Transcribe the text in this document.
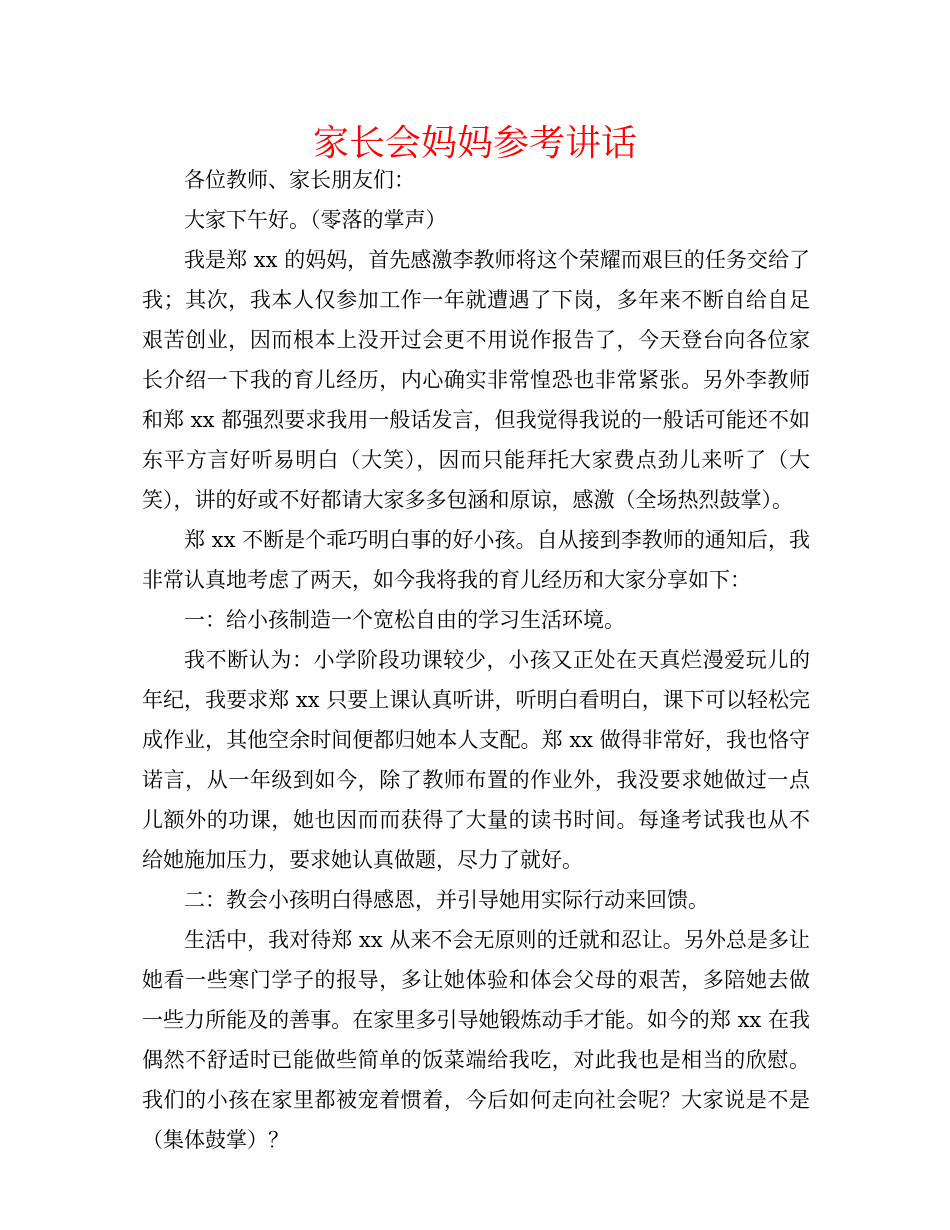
家长会妈妈参考讲话

各位教师、家长朋友们：

大家下午好。（零落的掌声）

我是郑 xx 的妈妈，首先感激李教师将这个荣耀而艰巨的任务交给了我；其次，我本人仅参加工作一年就遭遇了下岗，多年来不断自给自足艰苦创业，因而根本上没开过会更不用说作报告了，今天登台向各位家长介绍一下我的育儿经历，内心确实非常惶恐也非常紧张。另外李教师和郑 xx 都强烈要求我用一般话发言，但我觉得我说的一般话可能还不如东平方言好听易明白（大笑），因而只能拜托大家费点劲儿来听了（大笑），讲的好或不好都请大家多多包涵和原谅，感激（全场热烈鼓掌）。

郑 xx 不断是个乖巧明白事的好小孩。自从接到李教师的通知后，我非常认真地考虑了两天，如今我将我的育儿经历和大家分享如下：

一：给小孩制造一个宽松自由的学习生活环境。

我不断认为：小学阶段功课较少，小孩又正处在天真烂漫爱玩儿的年纪，我要求郑 xx 只要上课认真听讲，听明白看明白，课下可以轻松完成作业，其他空余时间便都归她本人支配。郑 xx 做得非常好，我也恪守诺言，从一年级到如今，除了教师布置的作业外，我没要求她做过一点儿额外的功课，她也因而而获得了大量的读书时间。每逢考试我也从不给她施加压力，要求她认真做题，尽力了就好。

二：教会小孩明白得感恩，并引导她用实际行动来回馈。

生活中，我对待郑 xx 从来不会无原则的迁就和忍让。另外总是多让她看一些寒门学子的报导，多让她体验和体会父母的艰苦，多陪她去做一些力所能及的善事。在家里多引导她锻炼动手才能。如今的郑 xx 在我偶然不舒适时已能做些简单的饭菜端给我吃，对此我也是相当的欣慰。我们的小孩在家里都被宠着惯着，今后如何走向社会呢？大家说是不是（集体鼓掌）？
